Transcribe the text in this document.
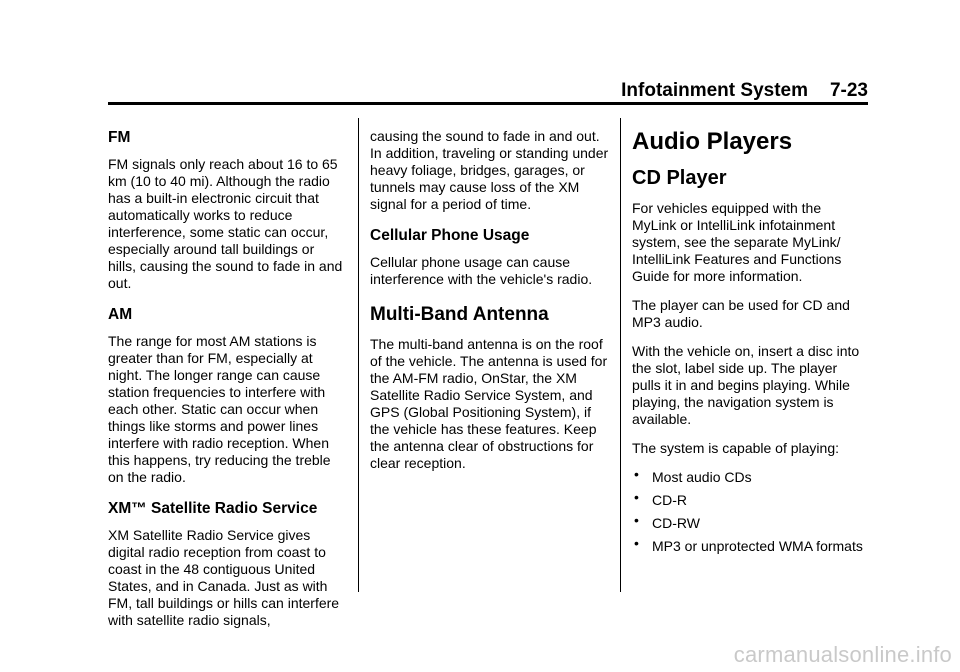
Infotainment System 7-23
FM

FM signals only reach about 16 to 65 km (10 to 40 mi). Although the radio has a built-in electronic circuit that automatically works to reduce interference, some static can occur, especially around tall buildings or hills, causing the sound to fade in and out.

AM

The range for most AM stations is greater than for FM, especially at night. The longer range can cause station frequencies to interfere with each other. Static can occur when things like storms and power lines interfere with radio reception. When this happens, try reducing the treble on the radio.

XM™ Satellite Radio Service

XM Satellite Radio Service gives digital radio reception from coast to coast in the 48 contiguous United States, and in Canada. Just as with FM, tall buildings or hills can interfere with satellite radio signals,

causing the sound to fade in and out. In addition, traveling or standing under heavy foliage, bridges, garages, or tunnels may cause loss of the XM signal for a period of time.

Cellular Phone Usage

Cellular phone usage can cause interference with the vehicle's radio.

Multi-Band Antenna

The multi-band antenna is on the roof of the vehicle. The antenna is used for the AM-FM radio, OnStar, the XM Satellite Radio Service System, and GPS (Global Positioning System), if the vehicle has these features. Keep the antenna clear of obstructions for clear reception.

Audio Players
CD Player

For vehicles equipped with the MyLink or IntelliLink infotainment system, see the separate MyLink/ IntelliLink Features and Functions Guide for more information.

The player can be used for CD and MP3 audio.

With the vehicle on, insert a disc into the slot, label side up. The player pulls it in and begins playing. While playing, the navigation system is available.

The system is capable of playing:

• Most audio CDs
• CD-R
• CD-RW
• MP3 or unprotected WMA formats
carmanualsonline.info
